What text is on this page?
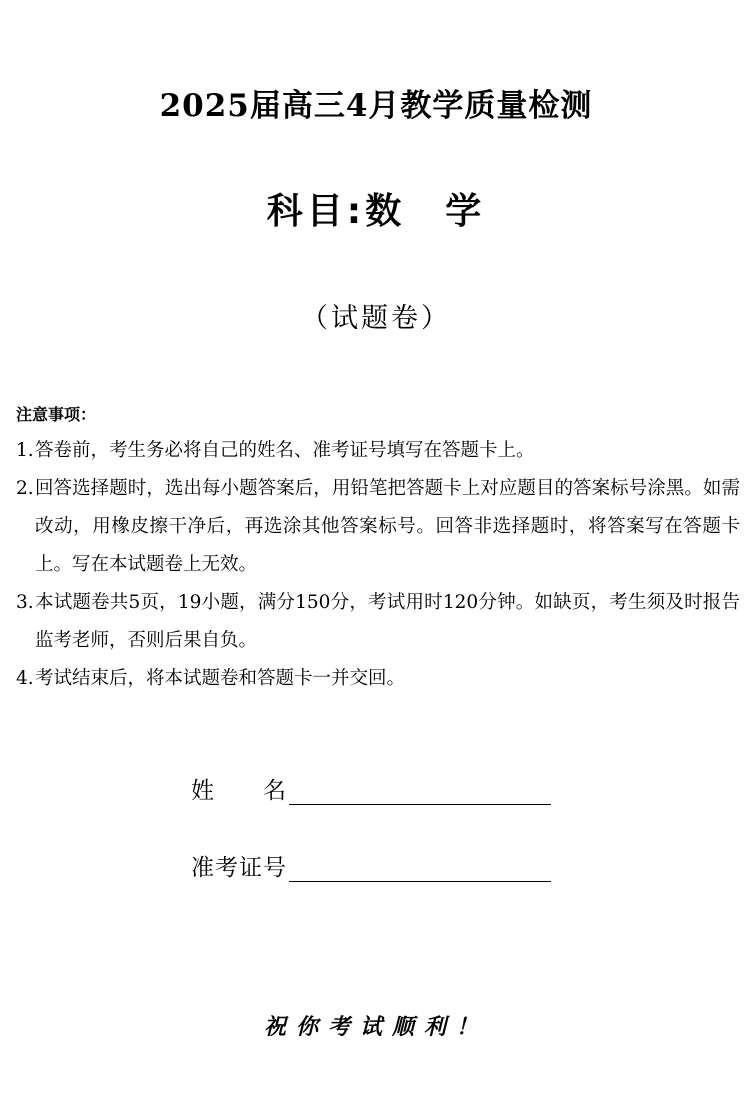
2025届高三4月教学质量检测
科目:数　学
（试题卷）
注意事项：
1. 答卷前，考生务必将自己的姓名、准考证号填写在答题卡上。
2. 回答选择题时，选出每小题答案后，用铅笔把答题卡上对应题目的答案标号涂黑。如需改动，用橡皮擦干净后，再选涂其他答案标号。回答非选择题时，将答案写在答题卡上。写在本试题卷上无效。
3. 本试题卷共5页，19小题，满分150分，考试用时120分钟。如缺页，考生须及时报告监考老师，否则后果自负。
4. 考试结束后，将本试题卷和答题卡一并交回。
姓　　名
准考证号
祝你考试顺利！
